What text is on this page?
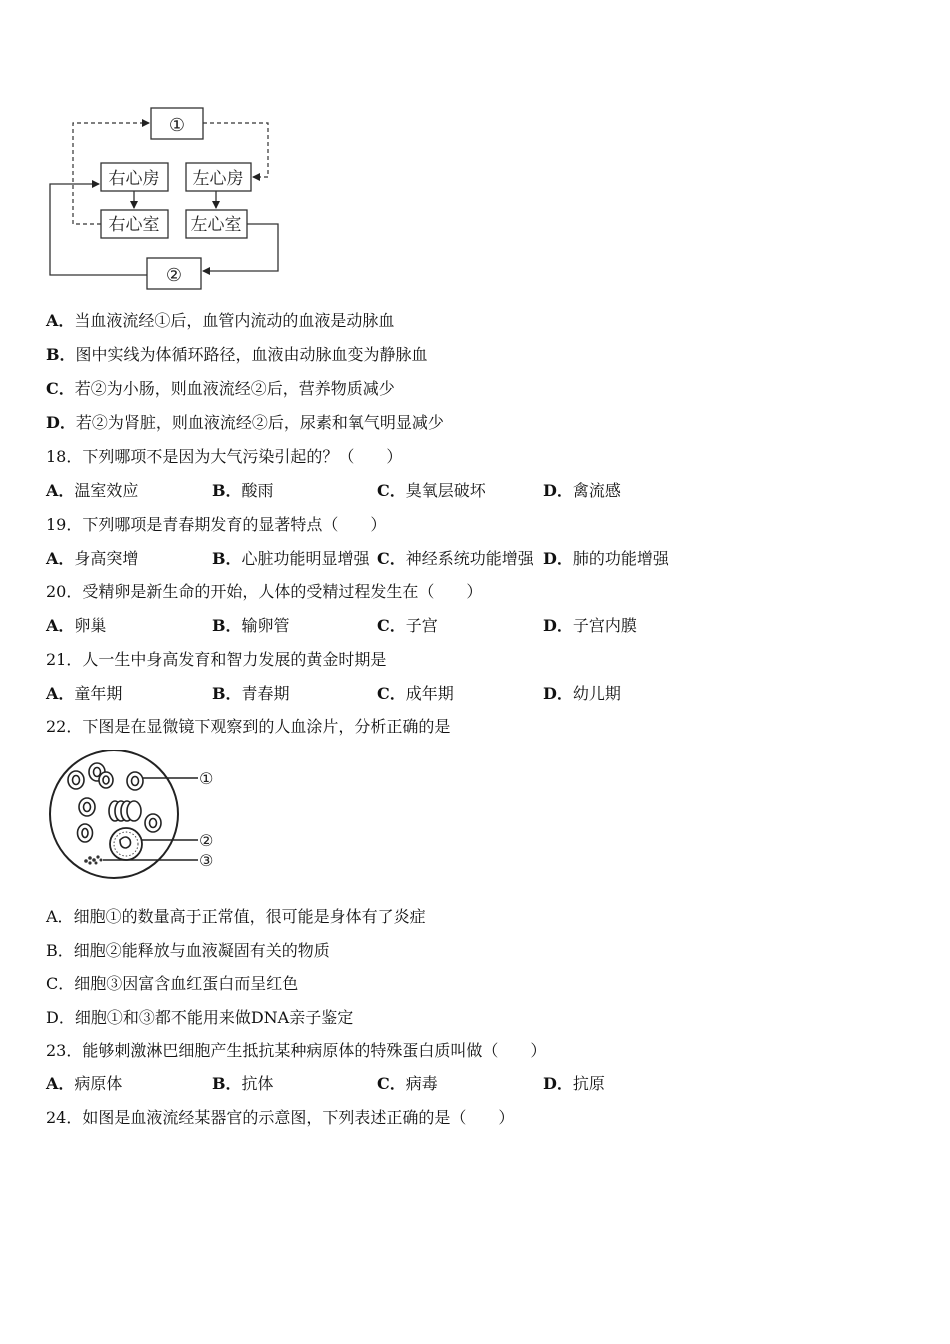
①
右心房 左心房
右心室 左心室
②
A．当血液流经①后，血管内流动的血液是动脉血
B．图中实线为体循环路径，血液由动脉血变为静脉血
C．若②为小肠，则血液流经②后，营养物质减少
D．若②为肾脏，则血液流经②后，尿素和氧气明显减少
18．下列哪项不是因为大气污染引起的？（　　）
A．温室效应	B．酸雨	C．臭氧层破坏	D．禽流感
19．下列哪项是青春期发育的显著特点（　　）
A．身高突增	B．心脏功能明显增强 C．神经系统功能增强 D．肺的功能增强
20．受精卵是新生命的开始，人体的受精过程发生在（　　）
A．卵巢	B．输卵管	C．子宫	D．子宫内膜
21．人一生中身高发育和智力发展的黄金时期是
A．童年期	B．青春期	C．成年期	D．幼儿期
22．下图是在显微镜下观察到的人血涂片，分析正确的是
①
②
③
A．细胞①的数量高于正常值，很可能是身体有了炎症
B．细胞②能释放与血液凝固有关的物质
C．细胞③因富含血红蛋白而呈红色
D．细胞①和③都不能用来做DNA亲子鉴定
23．能够刺激淋巴细胞产生抵抗某种病原体的特殊蛋白质叫做（　　）
A．病原体	B．抗体	C．病毒	D．抗原
24．如图是血液流经某器官的示意图，下列表述正确的是（　　）
